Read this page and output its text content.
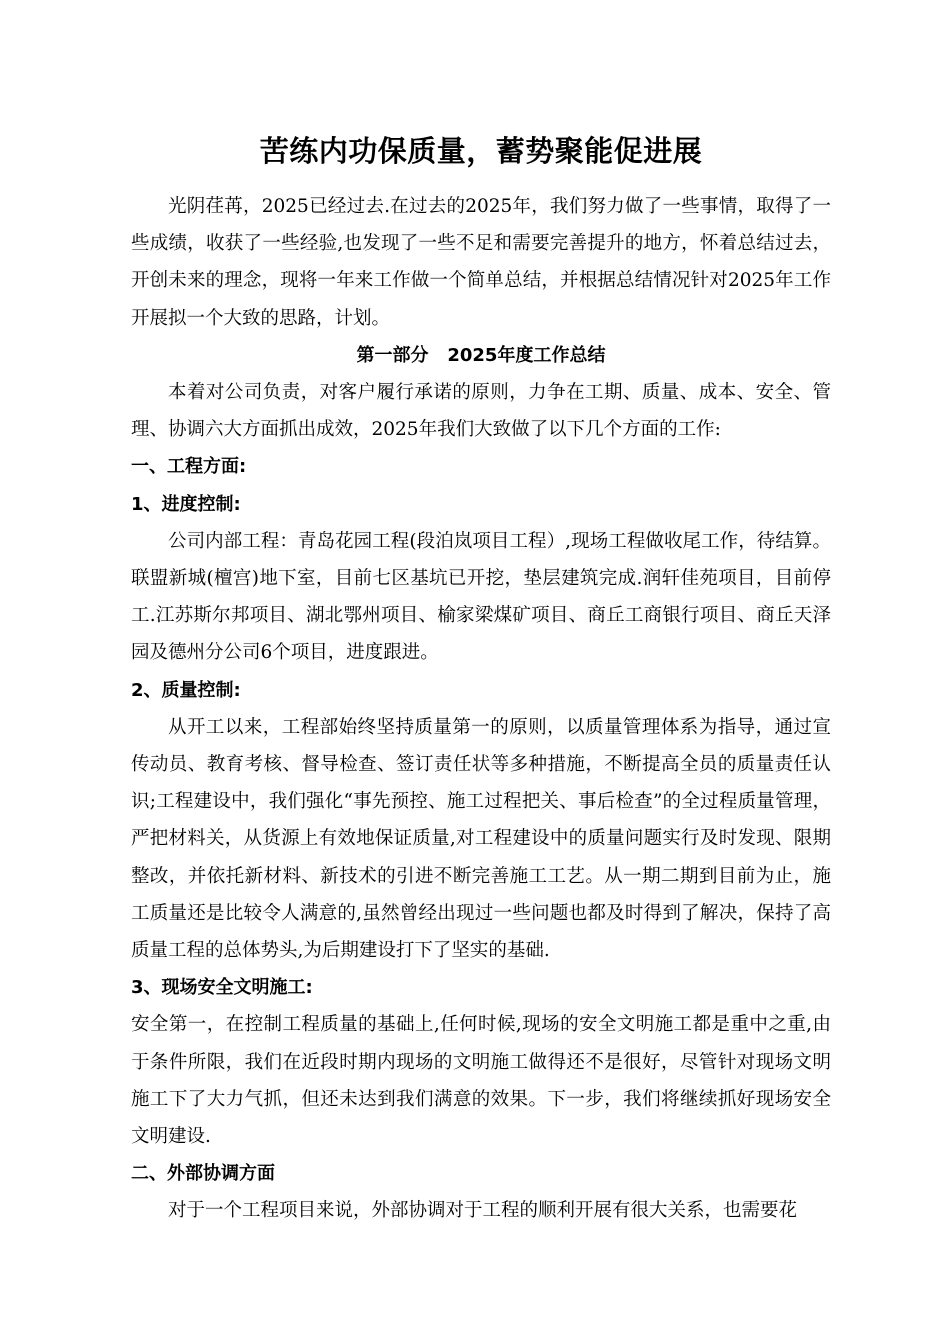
苦练内功保质量，蓄势聚能促进展

光阴荏苒，2025已经过去.在过去的2025年，我们努力做了一些事情，取得了一些成绩，收获了一些经验,也发现了一些不足和需要完善提升的地方，怀着总结过去，开创未来的理念，现将一年来工作做一个简单总结，并根据总结情况针对2025年工作开展拟一个大致的思路，计划。

第一部分   2025年度工作总结

本着对公司负责，对客户履行承诺的原则，力争在工期、质量、成本、安全、管理、协调六大方面抓出成效，2025年我们大致做了以下几个方面的工作:

一、工程方面:

1、进度控制:

公司内部工程：青岛花园工程(段泊岚项目工程）,现场工程做收尾工作，待结算。联盟新城(檀宫)地下室，目前七区基坑已开挖，垫层建筑完成.润轩佳苑项目，目前停工.江苏斯尔邦项目、湖北鄂州项目、榆家梁煤矿项目、商丘工商银行项目、商丘天泽园及德州分公司6个项目，进度跟进。

2、质量控制:

从开工以来，工程部始终坚持质量第一的原则，以质量管理体系为指导，通过宣传动员、教育考核、督导检查、签订责任状等多种措施，不断提高全员的质量责任认识;工程建设中，我们强化“事先预控、施工过程把关、事后检查”的全过程质量管理，严把材料关，从货源上有效地保证质量,对工程建设中的质量问题实行及时发现、限期整改，并依托新材料、新技术的引进不断完善施工工艺。从一期二期到目前为止，施工质量还是比较令人满意的,虽然曾经出现过一些问题也都及时得到了解决，保持了高质量工程的总体势头,为后期建设打下了坚实的基础.

3、现场安全文明施工:

安全第一，在控制工程质量的基础上,任何时候,现场的安全文明施工都是重中之重,由于条件所限，我们在近段时期内现场的文明施工做得还不是很好，尽管针对现场文明施工下了大力气抓，但还未达到我们满意的效果。下一步，我们将继续抓好现场安全文明建设.

二、外部协调方面

对于一个工程项目来说，外部协调对于工程的顺利开展有很大关系，也需要花
